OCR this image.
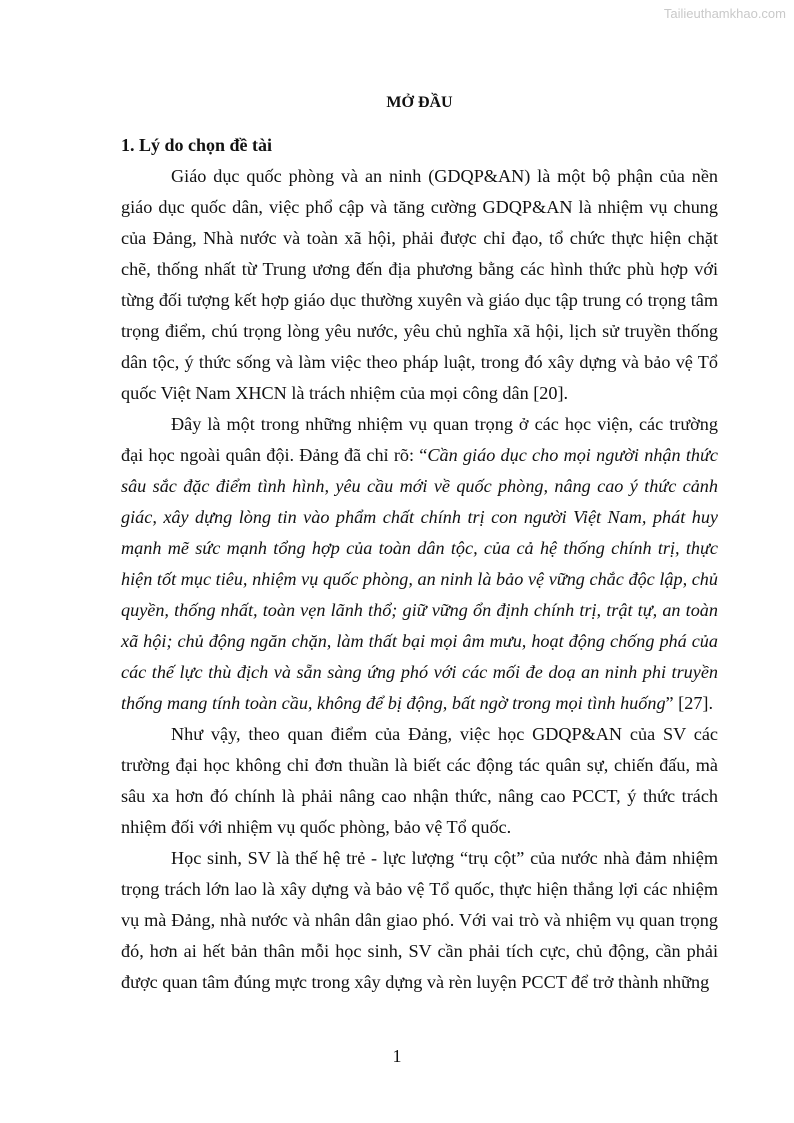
Tailieuthamkhao.com
MỞ ĐẦU
1. Lý do chọn đề tài

Giáo dục quốc phòng và an ninh (GDQP&AN) là một bộ phận của nền giáo dục quốc dân, việc phổ cập và tăng cường GDQP&AN là nhiệm vụ chung của Đảng, Nhà nước và toàn xã hội, phải được chỉ đạo, tổ chức thực hiện chặt chẽ, thống nhất từ Trung ương đến địa phương bằng các hình thức phù hợp với từng đối tượng kết hợp giáo dục thường xuyên và giáo dục tập trung có trọng tâm trọng điểm, chú trọng lòng yêu nước, yêu chủ nghĩa xã hội, lịch sử truyền thống dân tộc, ý thức sống và làm việc theo pháp luật, trong đó xây dựng và bảo vệ Tổ quốc Việt Nam XHCN là trách nhiệm của mọi công dân [20].

Đây là một trong những nhiệm vụ quan trọng ở các học viện, các trường đại học ngoài quân đội. Đảng đã chỉ rõ: “Cần giáo dục cho mọi người nhận thức sâu sắc đặc điểm tình hình, yêu cầu mới về quốc phòng, nâng cao ý thức cảnh giác, xây dựng lòng tin vào phẩm chất chính trị con người Việt Nam, phát huy mạnh mẽ sức mạnh tổng hợp của toàn dân tộc, của cả hệ thống chính trị, thực hiện tốt mục tiêu, nhiệm vụ quốc phòng, an ninh là bảo vệ vững chắc độc lập, chủ quyền, thống nhất, toàn vẹn lãnh thổ; giữ vững ổn định chính trị, trật tự, an toàn xã hội; chủ động ngăn chặn, làm thất bại mọi âm mưu, hoạt động chống phá của các thế lực thù địch và sẵn sàng ứng phó với các mối đe doạ an ninh phi truyền thống mang tính toàn cầu, không để bị động, bất ngờ trong mọi tình huống” [27].

Như vậy, theo quan điểm của Đảng, việc học GDQP&AN của SV các trường đại học không chỉ đơn thuần là biết các động tác quân sự, chiến đấu, mà sâu xa hơn đó chính là phải nâng cao nhận thức, nâng cao PCCT, ý thức trách nhiệm đối với nhiệm vụ quốc phòng, bảo vệ Tổ quốc.

Học sinh, SV là thế hệ trẻ - lực lượng “trụ cột” của nước nhà đảm nhiệm trọng trách lớn lao là xây dựng và bảo vệ Tổ quốc, thực hiện thắng lợi các nhiệm vụ mà Đảng, nhà nước và nhân dân giao phó. Với vai trò và nhiệm vụ quan trọng đó, hơn ai hết bản thân mỗi học sinh, SV cần phải tích cực, chủ động, cần phải được quan tâm đúng mực trong xây dựng và rèn luyện PCCT để trở thành những

1
